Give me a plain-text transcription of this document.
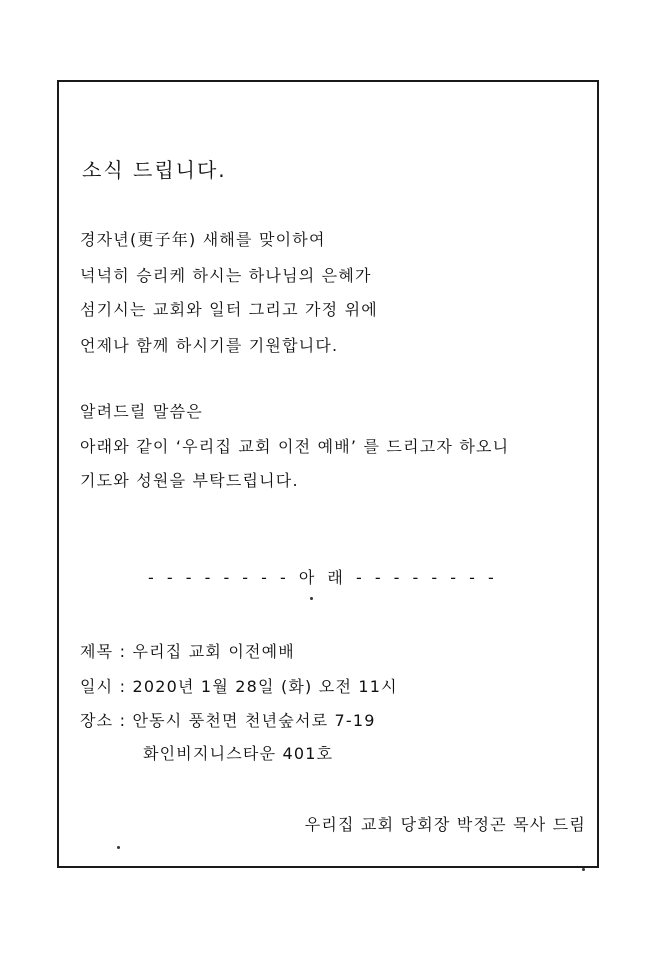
소식 드립니다.
경자년(更子年) 새해를 맞이하여
넉넉히 승리케 하시는 하나님의 은혜가
섬기시는 교회와 일터 그리고 가정 위에
언제나 함께 하시기를 기원합니다.
알려드릴 말씀은
아래와 같이 ‘우리집 교회 이전 예배’ 를 드리고자 하오니
기도와 성원을 부탁드립니다.
- - - - - - - - 아 래 - - - - - - - -
제목 : 우리집 교회 이전예배
일시 : 2020년 1월 28일 (화) 오전 11시
장소 : 안동시 풍천면 천년숲서로 7-19
화인비지니스타운 401호
우리집 교회 당회장 박정곤 목사 드림
